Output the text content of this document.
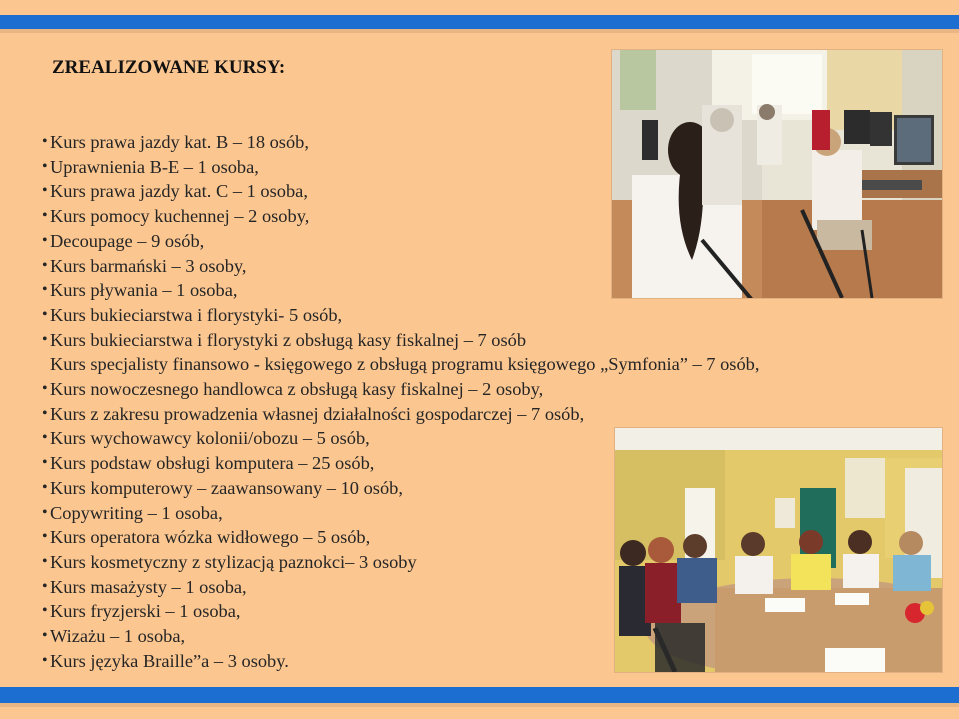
ZREALIZOWANE KURSY:
• Kurs prawa jazdy kat. B – 18 osób,
• Uprawnienia B-E – 1 osoba,
• Kurs prawa jazdy kat. C – 1 osoba,
• Kurs pomocy kuchennej – 2 osoby,
• Decoupage – 9 osób,
• Kurs barmański – 3 osoby,
• Kurs pływania – 1 osoba,
• Kurs bukieciarstwa i florystyki- 5 osób,
• Kurs bukieciarstwa i florystyki z obsługą kasy fiskalnej – 7 osób
Kurs specjalisty finansowo - księgowego z obsługą programu księgowego „Symfonia” – 7 osób,
• Kurs nowoczesnego handlowca z obsługą kasy fiskalnej – 2 osoby,
• Kurs z zakresu prowadzenia własnej działalności gospodarczej – 7 osób,
• Kurs wychowawcy kolonii/obozu – 5 osób,
• Kurs podstaw obsługi komputera – 25 osób,
• Kurs komputerowy – zaawansowany – 10 osób,
• Copywriting – 1 osoba,
• Kurs operatora wózka widłowego – 5 osób,
• Kurs kosmetyczny z stylizacją paznokci– 3 osoby
• Kurs masażysty – 1 osoba,
• Kurs fryzjerski – 1 osoba,
• Wizażu – 1 osoba,
• Kurs języka Braille”a – 3 osoby.
